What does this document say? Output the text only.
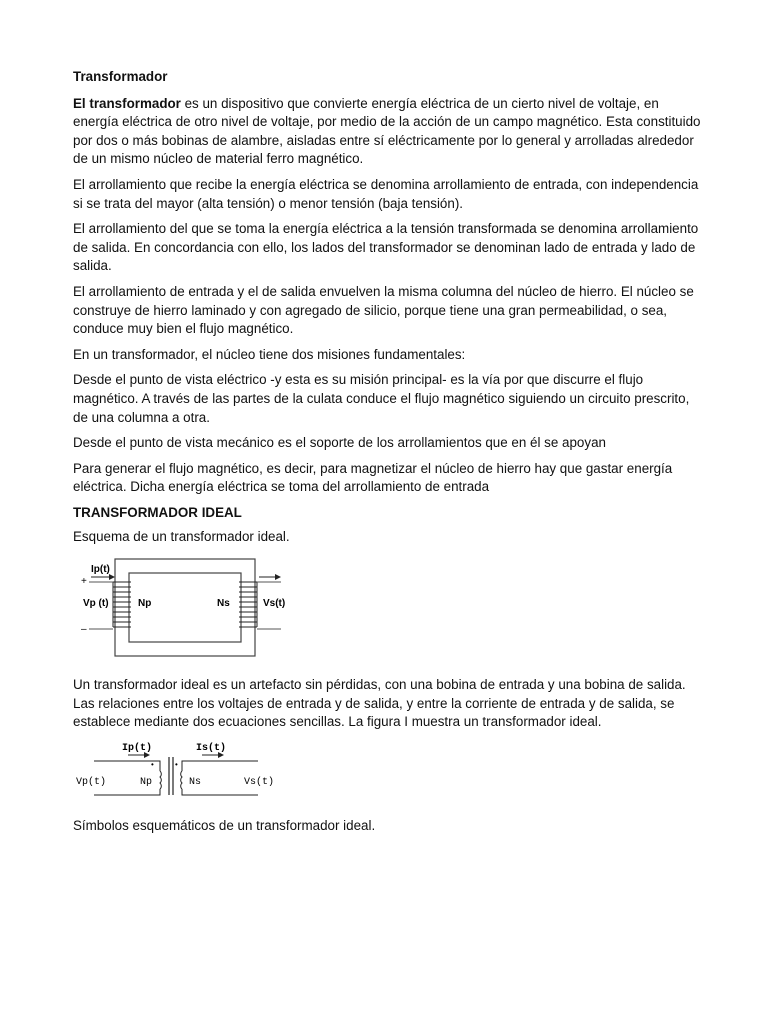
Transformador

El transformador es un dispositivo que convierte energía eléctrica de un cierto nivel de voltaje, en energía eléctrica de otro nivel de voltaje, por medio de la acción de un campo magnético. Esta constituido por dos o más bobinas de alambre, aisladas entre sí eléctricamente por lo general y arrolladas alrededor de un mismo núcleo de material ferro magnético.

El arrollamiento que recibe la energía eléctrica se denomina arrollamiento de entrada, con independencia si se trata del mayor (alta tensión) o menor tensión (baja tensión).

El arrollamiento del que se toma la energía eléctrica a la tensión transformada se denomina arrollamiento de salida. En concordancia con ello, los lados del transformador se denominan lado de entrada y lado de salida.

El arrollamiento de entrada y el de salida envuelven la misma columna del núcleo de hierro. El núcleo se construye de hierro laminado y con agregado de silicio, porque tiene una gran permeabilidad, o sea, conduce muy bien el flujo magnético.

En un transformador, el núcleo tiene dos misiones fundamentales:

Desde el punto de vista eléctrico -y esta es su misión principal- es la vía por que discurre el flujo magnético. A través de las partes de la culata conduce el flujo magnético siguiendo un circuito prescrito, de una columna a otra.

Desde el punto de vista mecánico es el soporte de los arrollamientos que en él se apoyan

Para generar el flujo magnético, es decir, para magnetizar el núcleo de hierro hay que gastar energía eléctrica. Dicha energía eléctrica se toma del arrollamiento de entrada

TRANSFORMADOR IDEAL

Esquema de un transformador ideal.

Ip(t)
+
Vp (t)
–
Np	Ns	Vs(t)

Un transformador ideal es un artefacto sin pérdidas, con una bobina de entrada y una bobina de salida. Las relaciones entre los voltajes de entrada y de salida, y entre la corriente de entrada y de salida, se establece mediante dos ecuaciones sencillas. La figura I muestra un transformador ideal.

•	•
Ip(t)	Is(t)
Vp(t)	Np	Ns	Vs(t)

Símbolos esquemáticos de un transformador ideal.
